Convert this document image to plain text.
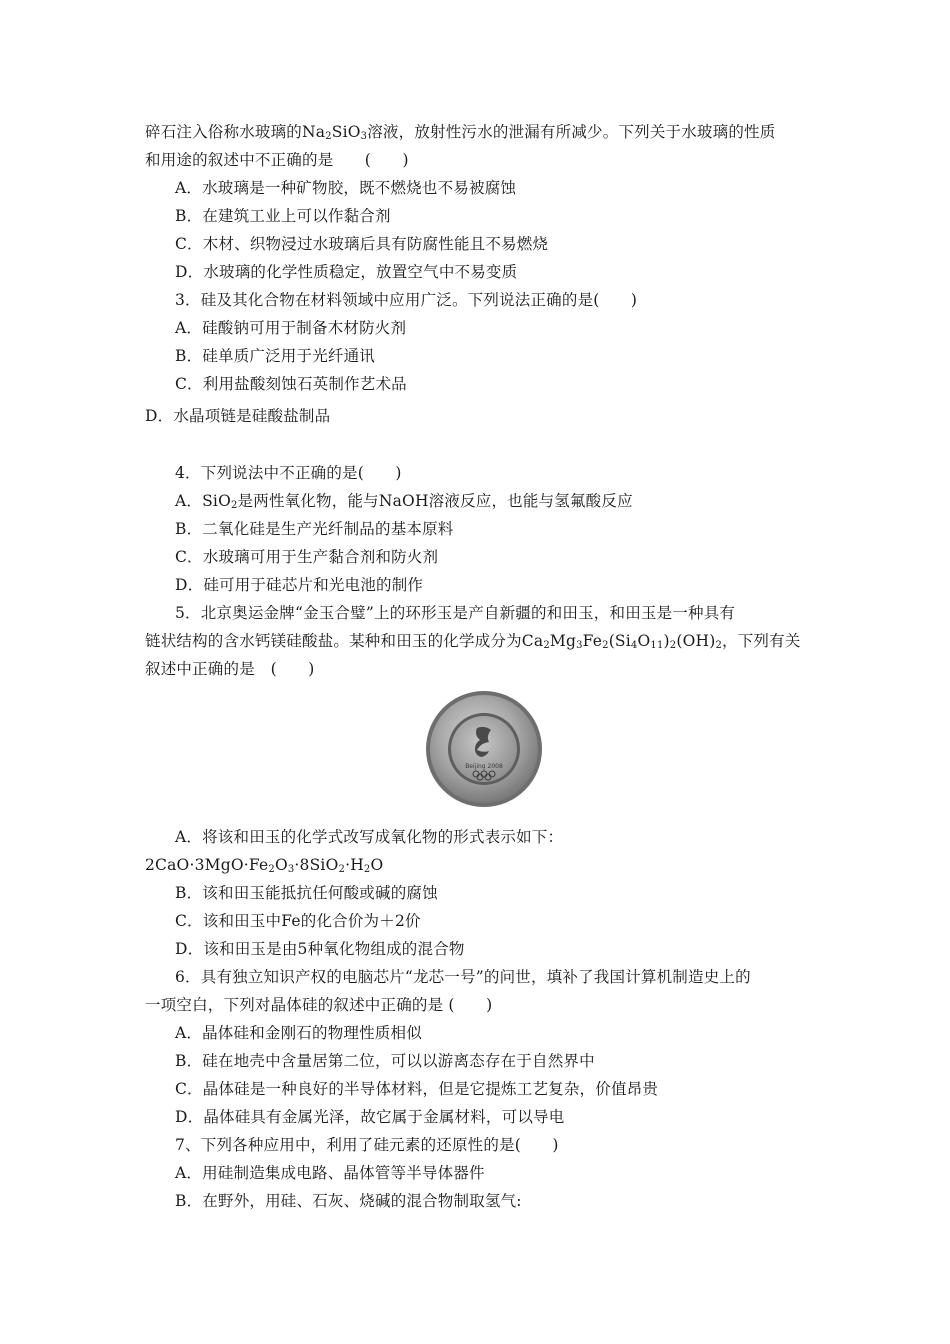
碎石注入俗称水玻璃的$Na_2SiO_3$溶液，放射性污水的泄漏有所减少。下列关于水玻璃的性质
和用途的叙述中不正确的是　　(　　)
A．水玻璃是一种矿物胶，既不燃烧也不易被腐蚀
B．在建筑工业上可以作黏合剂
C．木材、织物浸过水玻璃后具有防腐性能且不易燃烧
D．水玻璃的化学性质稳定，放置空气中不易变质
3．硅及其化合物在材料领域中应用广泛。下列说法正确的是(　　)
A．硅酸钠可用于制备木材防火剂
B．硅单质广泛用于光纤通讯
C．利用盐酸刻蚀石英制作艺术品
D．水晶项链是硅酸盐制品
4．下列说法中不正确的是(　　)
A．SiO$_2$是两性氧化物，能与NaOH溶液反应，也能与氢氟酸反应
B．二氧化硅是生产光纤制品的基本原料
C．水玻璃可用于生产黏合剂和防火剂
D．硅可用于硅芯片和光电池的制作
5．北京奥运金牌“金玉合璧”上的环形玉是产自新疆的和田玉，和田玉是一种具有
链状结构的含水钙镁硅酸盐。某种和田玉的化学成分为$Ca_2Mg_3Fe_2(Si_4O_{11})_2(OH)_2$，下列有关
叙述中正确的是　(　　)
Beijing 2008
A．将该和田玉的化学式改写成氧化物的形式表示如下：
$2CaO\cdot 3MgO\cdot Fe_2O_3\cdot 8SiO_2\cdot H_2O$
B．该和田玉能抵抗任何酸或碱的腐蚀
C．该和田玉中Fe的化合价为＋2价
D．该和田玉是由5种氧化物组成的混合物
6．具有独立知识产权的电脑芯片“龙芯一号”的问世，填补了我国计算机制造史上的
一项空白，下列对晶体硅的叙述中正确的是 (　　)
A．晶体硅和金刚石的物理性质相似
B．硅在地壳中含量居第二位，可以以游离态存在于自然界中
C．晶体硅是一种良好的半导体材料，但是它提炼工艺复杂，价值昂贵
D．晶体硅具有金属光泽，故它属于金属材料，可以导电
7、下列各种应用中，利用了硅元素的还原性的是(　　)
A．用硅制造集成电路、晶体管等半导体器件
B．在野外，用硅、石灰、烧碱的混合物制取氢气:
